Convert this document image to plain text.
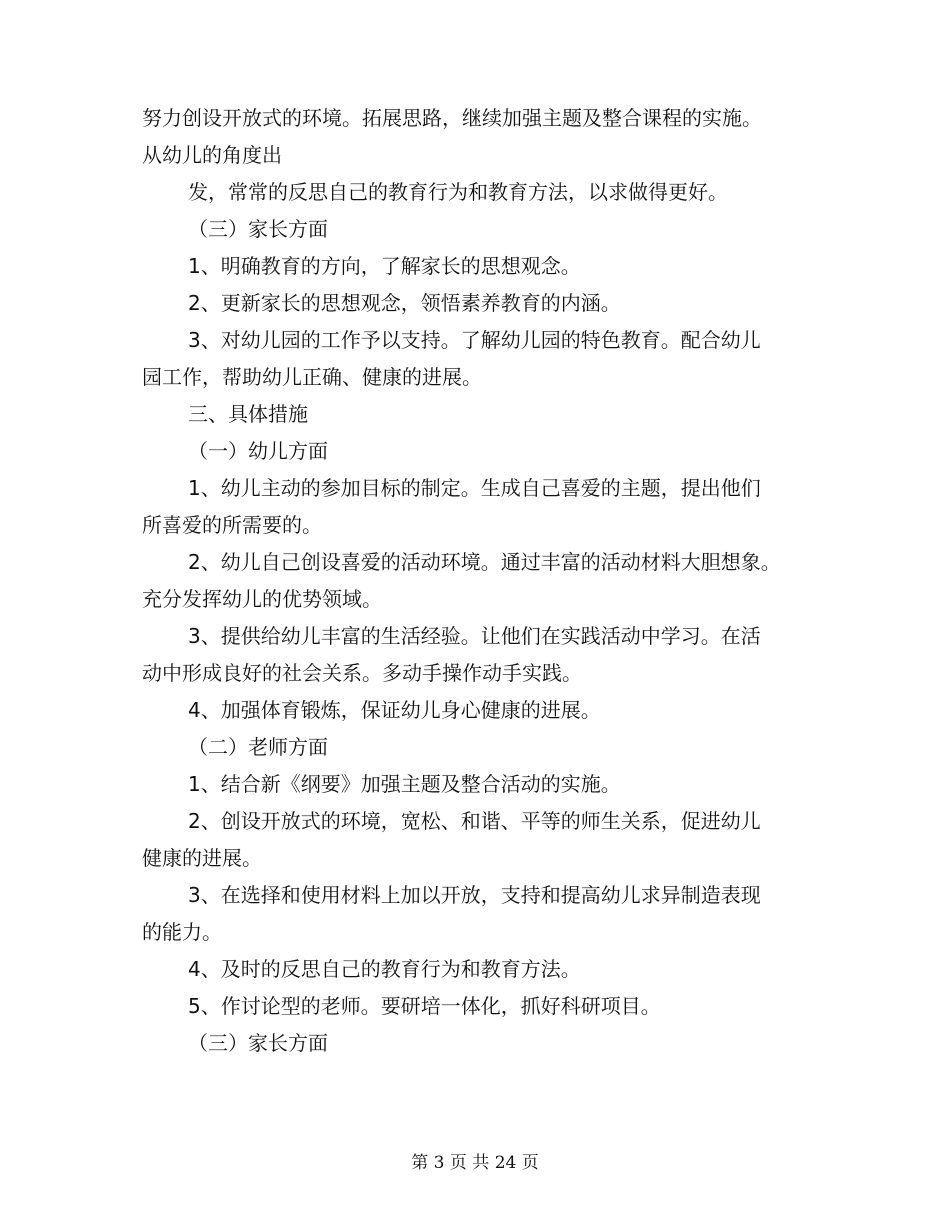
努力创设开放式的环境。拓展思路，继续加强主题及整合课程的实施。

从幼儿的角度出

发，常常的反思自己的教育行为和教育方法，以求做得更好。

（三）家长方面

1、明确教育的方向，了解家长的思想观念。

2、更新家长的思想观念，领悟素养教育的内涵。

3、对幼儿园的工作予以支持。了解幼儿园的特色教育。配合幼儿

园工作，帮助幼儿正确、健康的进展。

三、具体措施

（一）幼儿方面

1、幼儿主动的参加目标的制定。生成自己喜爱的主题，提出他们

所喜爱的所需要的。

2、幼儿自己创设喜爱的活动环境。通过丰富的活动材料大胆想象。

充分发挥幼儿的优势领域。

3、提供给幼儿丰富的生活经验。让他们在实践活动中学习。在活

动中形成良好的社会关系。多动手操作动手实践。

4、加强体育锻炼，保证幼儿身心健康的进展。

（二）老师方面

1、结合新《纲要》加强主题及整合活动的实施。

2、创设开放式的环境，宽松、和谐、平等的师生关系，促进幼儿

健康的进展。

3、在选择和使用材料上加以开放，支持和提高幼儿求异制造表现

的能力。

4、及时的反思自己的教育行为和教育方法。

5、作讨论型的老师。要研培一体化，抓好科研项目。

（三）家长方面

第 3 页 共 24 页
